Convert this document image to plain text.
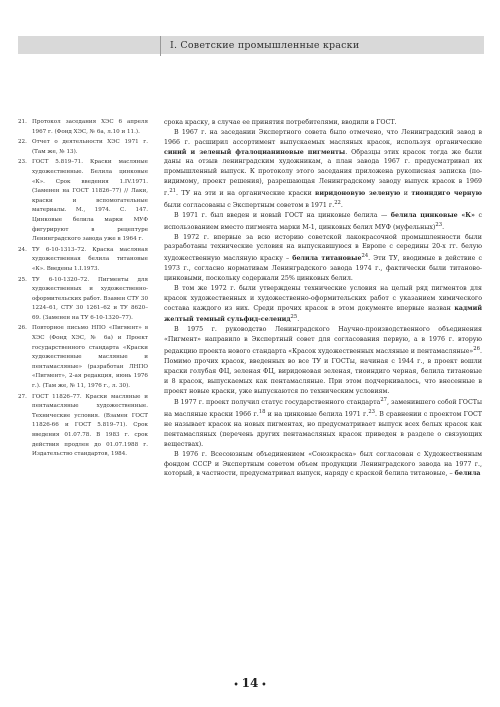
I. Советские промышленные краски
21. Протокол заседания ХЭС 6 апреля 1967 г. (Фонд ХЭС, № 6а, л.10 и 11.).
22. Отчет о деятельности ХЭС 1971 г. (Там же, № 13).
23. ГОСТ 5.819–71. Краски масляные художественные. Белила цинковые «К». Срок введения 1.IV.1971. (Заменен на ГОСТ 11826–77) // Лаки, краски и вспомогательные материалы. М., 1974. С. 147. Цинковые белила марки МУФ фигурируют в рецептуре Ленинградского завода уже в 1964 г.
24. ТУ 6-10-1313–72. Краска масляная художественная белила титановые «К». Введены 1.I.1973.
25. ТУ 6-10-1320–72. Пигменты для художественных и художественно-оформительских работ. Взамен СТУ 30 1224–61, СТУ 30 1261–62 и ТУ 8620–69. (Заменен на ТУ 6-10-1320–77).
26. Повторное письмо НПО «Пигмент» в ХЭС (Фонд ХЭС, № 6а) и Проект государственного стандарта «Краски художественные масляные и пентамасляные» (разработан ЛНПО «Пигмент», 2-ая редакция, июнь 1976 г.). (Там же, № 11, 1976 г., л. 30).
27. ГОСТ 11826–77. Краски масляные и пентамасляные художественные. Технические условия. (Взамен ГОСТ 11826-66 и ГОСТ 5.819–71). Срок введения 01.07.78. В 1983 г. срок действия продлен до 01.07.1988 г. Издательство стандартов, 1984.

срока краску, в случае ее принятия потребителями, вводили в ГОСТ.

В 1967 г. на заседании Экспертного совета было отмечено, что Ленинградский завод в 1966 г. расширил ассортимент выпускаемых масляных красок, используя органические синий и зеленый фталоцианиновые пигменты. Образцы этих красок тогда же были даны на отзыв ленинградским художникам, а план завода 1967 г. предусматривал их промышленный выпуск. К протоколу этого заседания приложена рукописная записка (по-видимому, проект решения), разрешающая Ленинградскому заводу выпуск красок в 1969 г.$^{21}$. ТУ на эти и на органические краски виридоновую зеленую и тиоиндиго черную были согласованы с Экспертным советом в 1971 г.$^{22}$.

В 1971 г. был введен и новый ГОСТ на цинковые белила — белила цинковые «К» с использованием вместо пигмента марки М-1, цинковых белил МУФ (муфельных)$^{23}$.

В 1972 г. впервые за всю историю советской лакокрасочной промышленности были разработаны технические условия на выпускавшуюся в Европе с середины 20-х гг. белую художественную масляную краску – белила титановые$^{24}$. Эти ТУ, вводимые в действие с 1973 г., согласно нормативам Ленинградского завода 1974 г., фактически были титаново-цинковыми, поскольку содержали 25% цинковых белил.

В том же 1972 г. были утверждены технические условия на целый ряд пигментов для красок художественных и художественно-оформительских работ с указанием химического состава каждого из них. Среди прочих красок в этом документе впервые назван кадмий желтый темный сульфид-селенид$^{25}$.

В 1975 г. руководство Ленинградского Научно-производственного объединения «Пигмент» направило в Экспертный совет для согласования первую, а в 1976 г. вторую редакцию проекта нового стандарта «Красок художественных масляные и пентамасляные»$^{26}$. Помимо прочих красок, введенных во все ТУ и ГОСТы, начиная с 1944 г., в проект вошли краски голубая ФЦ, зеленая ФЦ, виридоновая зеленая, тиоиндиго черная, белила титановые и 8 красок, выпускаемых как пентамасляные. При этом подчеркивалось, что внесенные в проект новые краски, уже выпускаются по техническим условиям.

В 1977 г. проект получил статус государственного стандарта$^{27}$, заменившего собой ГОСТы на масляные краски 1966 г.$^{18}$ и на цинковые белила 1971 г.$^{23}$. В сравнении с проектом ГОСТ не называет красок на новых пигментах, но предусматривает выпуск всех белых красок как пентамасляных (перечень других пентамасляных красок приведен в разделе о связующих веществах).

В 1976 г. Всесоюзным объединением «Союзкраска» был согласован с Художественным фондом СССР и Экспертным советом объем продукции Ленинградского завода на 1977 г., который, в частности, предусматривал выпуск, наряду с краской белила титановые, – белила

• 14 •
